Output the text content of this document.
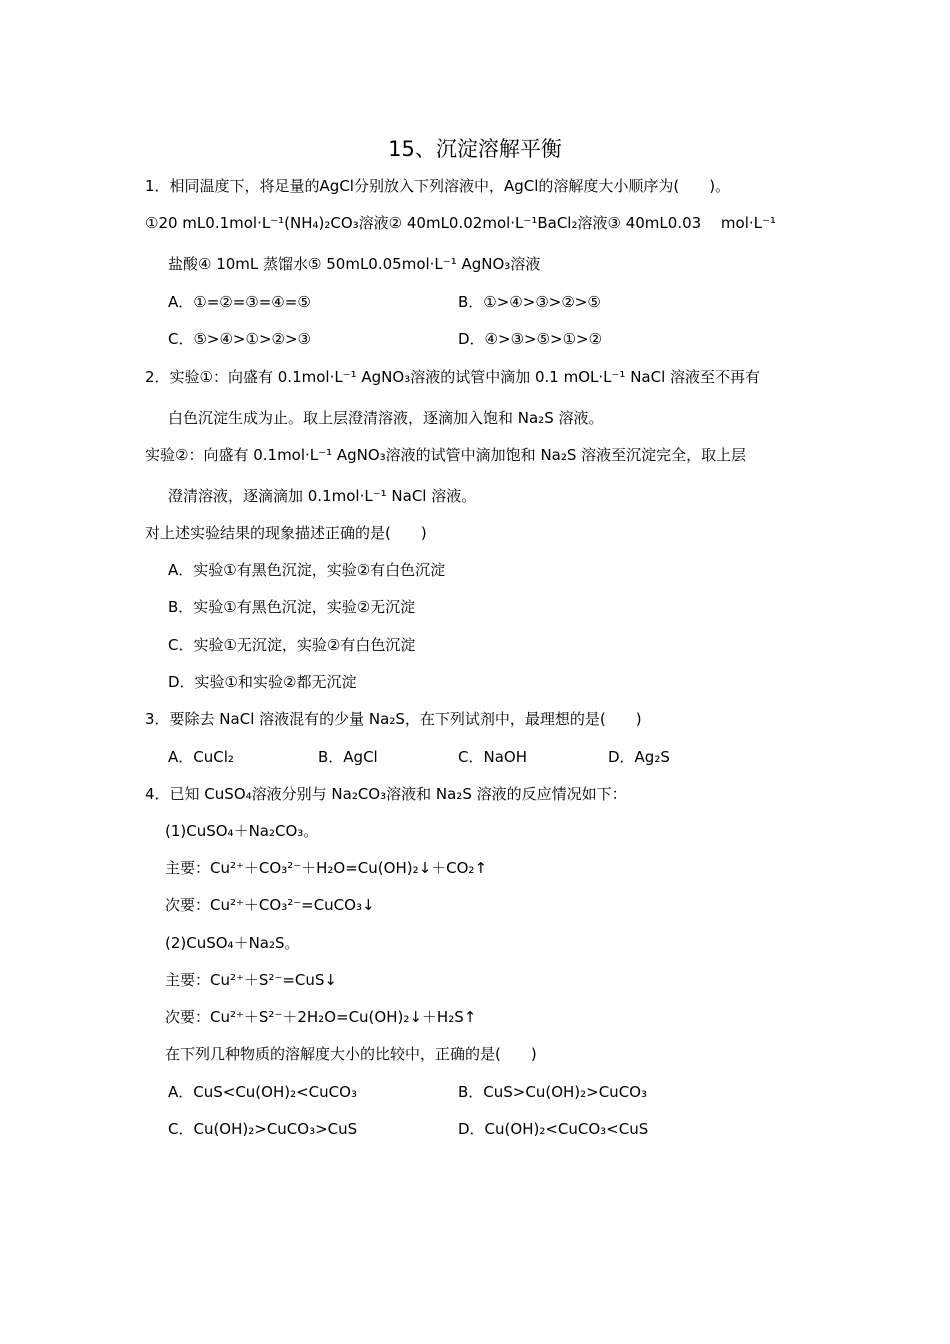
15、沉淀溶解平衡
1．相同温度下，将足量的AgCl分别放入下列溶液中，AgCl的溶解度大小顺序为(　　)。
①20 mL0.1mol·L⁻¹(NH₄)₂CO₃溶液② 40mL0.02mol·L⁻¹BaCl₂溶液③ 40mL0.03　 mol·L⁻¹
盐酸④ 10mL 蒸馏水⑤ 50mL0.05mol·L⁻¹ AgNO₃溶液
A．①=②=③=④=⑤	B．①>④>③>②>⑤
C．⑤>④>①>②>③	D．④>③>⑤>①>②
2．实验①：向盛有 0.1mol·L⁻¹ AgNO₃溶液的试管中滴加 0.1 mOL·L⁻¹ NaCl 溶液至不再有
白色沉淀生成为止。取上层澄清溶液，逐滴加入饱和 Na₂S 溶液。
实验②：向盛有 0.1mol·L⁻¹ AgNO₃溶液的试管中滴加饱和 Na₂S 溶液至沉淀完全，取上层
澄清溶液，逐滴滴加 0.1mol·L⁻¹ NaCl 溶液。
对上述实验结果的现象描述正确的是(　　)
A．实验①有黑色沉淀，实验②有白色沉淀
B．实验①有黑色沉淀，实验②无沉淀
C．实验①无沉淀，实验②有白色沉淀
D．实验①和实验②都无沉淀
3．要除去 NaCl 溶液混有的少量 Na₂S，在下列试剂中，最理想的是(　　)
A．CuCl₂	B．AgCl	C．NaOH	D．Ag₂S
4．已知 CuSO₄溶液分别与 Na₂CO₃溶液和 Na₂S 溶液的反应情况如下：
(1)CuSO₄＋Na₂CO₃。
主要：Cu²⁺＋CO₃²⁻＋H₂O=Cu(OH)₂↓＋CO₂↑
次要：Cu²⁺＋CO₃²⁻=CuCO₃↓
(2)CuSO₄＋Na₂S。
主要：Cu²⁺＋S²⁻=CuS↓
次要：Cu²⁺＋S²⁻＋2H₂O=Cu(OH)₂↓＋H₂S↑
在下列几种物质的溶解度大小的比较中，正确的是(　　)
A．CuS<Cu(OH)₂<CuCO₃	B．CuS>Cu(OH)₂>CuCO₃
C．Cu(OH)₂>CuCO₃>CuS	D．Cu(OH)₂<CuCO₃<CuS
